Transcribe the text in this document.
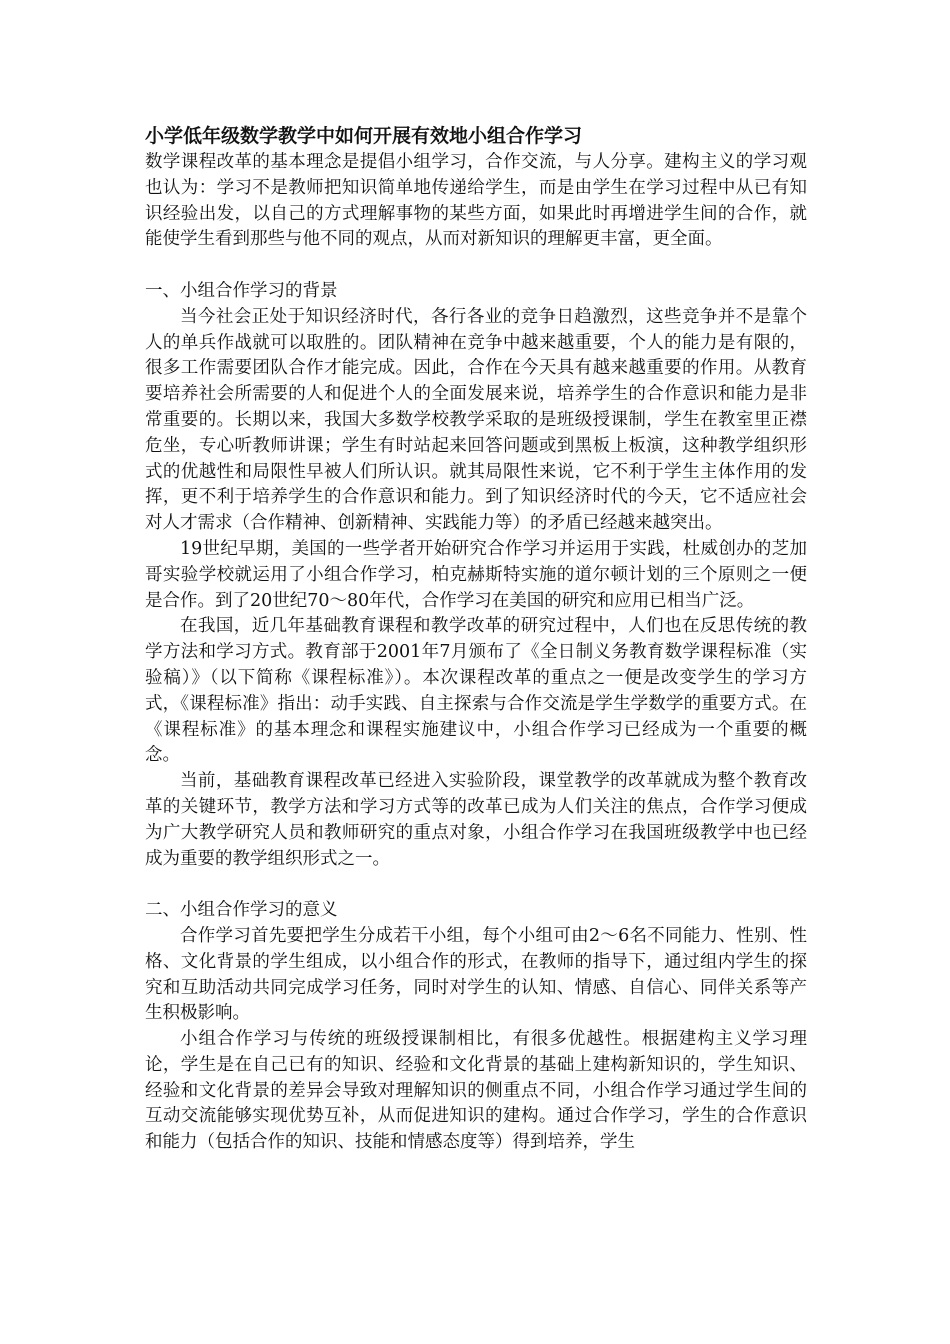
小学低年级数学教学中如何开展有效地小组合作学习

数学课程改革的基本理念是提倡小组学习，合作交流，与人分享。建构主义的学习观也认为：学习不是教师把知识简单地传递给学生，而是由学生在学习过程中从已有知识经验出发，以自己的方式理解事物的某些方面，如果此时再增进学生间的合作，就能使学生看到那些与他不同的观点，从而对新知识的理解更丰富，更全面。

一、小组合作学习的背景

当今社会正处于知识经济时代，各行各业的竞争日趋激烈，这些竞争并不是靠个人的单兵作战就可以取胜的。团队精神在竞争中越来越重要，个人的能力是有限的，很多工作需要团队合作才能完成。因此，合作在今天具有越来越重要的作用。从教育要培养社会所需要的人和促进个人的全面发展来说，培养学生的合作意识和能力是非常重要的。长期以来，我国大多数学校教学采取的是班级授课制，学生在教室里正襟危坐，专心听教师讲课；学生有时站起来回答问题或到黑板上板演，这种教学组织形式的优越性和局限性早被人们所认识。就其局限性来说，它不利于学生主体作用的发挥，更不利于培养学生的合作意识和能力。到了知识经济时代的今天，它不适应社会对人才需求（合作精神、创新精神、实践能力等）的矛盾已经越来越突出。

19世纪早期，美国的一些学者开始研究合作学习并运用于实践，杜威创办的芝加哥实验学校就运用了小组合作学习，柏克赫斯特实施的道尔顿计划的三个原则之一便是合作。到了20世纪70～80年代，合作学习在美国的研究和应用已相当广泛。

在我国，近几年基础教育课程和教学改革的研究过程中，人们也在反思传统的教学方法和学习方式。教育部于2001年7月颁布了《全日制义务教育数学课程标准（实验稿）》（以下简称《课程标准》）。本次课程改革的重点之一便是改变学生的学习方式，《课程标准》指出：动手实践、自主探索与合作交流是学生学数学的重要方式。在《课程标准》的基本理念和课程实施建议中，小组合作学习已经成为一个重要的概念。

当前，基础教育课程改革已经进入实验阶段，课堂教学的改革就成为整个教育改革的关键环节，教学方法和学习方式等的改革已成为人们关注的焦点，合作学习便成为广大教学研究人员和教师研究的重点对象，小组合作学习在我国班级教学中也已经成为重要的教学组织形式之一。

二、小组合作学习的意义

合作学习首先要把学生分成若干小组，每个小组可由2～6名不同能力、性别、性格、文化背景的学生组成，以小组合作的形式，在教师的指导下，通过组内学生的探究和互助活动共同完成学习任务，同时对学生的认知、情感、自信心、同伴关系等产生积极影响。

小组合作学习与传统的班级授课制相比，有很多优越性。根据建构主义学习理论，学生是在自己已有的知识、经验和文化背景的基础上建构新知识的，学生知识、经验和文化背景的差异会导致对理解知识的侧重点不同，小组合作学习通过学生间的互动交流能够实现优势互补，从而促进知识的建构。通过合作学习，学生的合作意识和能力（包括合作的知识、技能和情感态度等）得到培养，学生
